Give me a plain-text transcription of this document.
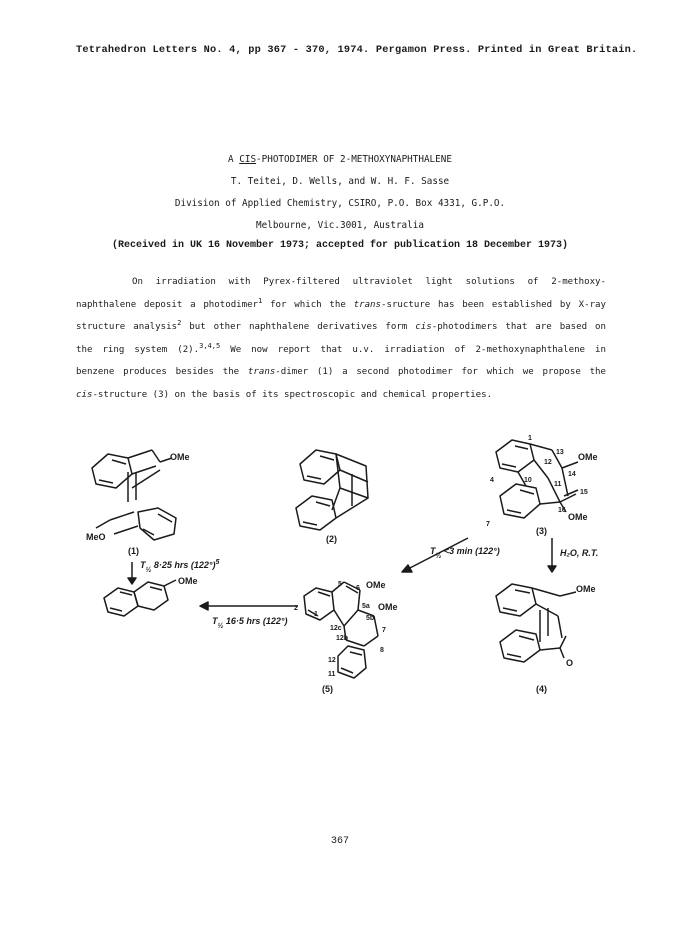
Tetrahedron Letters No. 4, pp 367 - 370, 1974. Pergamon Press. Printed in Great Britain.
A CIS-PHOTODIMER OF 2-METHOXYNAPHTHALENE
T. Teitei, D. Wells, and W. H. F. Sasse
Division of Applied Chemistry, CSIRO, P.O. Box 4331, G.P.O.
Melbourne, Vic.3001, Australia
(Received in UK 16 November 1973; accepted for publication 18 December 1973)
On irradiation with Pyrex-filtered ultraviolet light solutions of 2-methoxy-
naphthalene deposit a photodimer$^1$ for which the trans-sructure has been established by X-ray
structure analysis$^2$ but other naphthalene derivatives form cis-photodimers that are based on
the ring system (2).$^{3,4,5}$ We now report that u.v. irradiation of 2-methoxynaphthalene in
benzene produces besides the trans-dimer (1) a second photodimer for which we propose the
cis-structure (3) on the basis of its spectroscopic and chemical properties.
OMe
MeO
(1)
(2)
OMe
OMe
(3)
OMe	OMe
OMe
(5)
OMe
O
(4)
1
4
7
10
11
12
13
14
15
16
1
2
5
6
5a
5b
7
8
11
12
12b
12c
$T_{\frac{1}{2}}$ 8·25 hrs $(122^\circ)^5$
$T_{\frac{1}{2}} <3$ min (122°)	H₂O, R.T.
$T_{\frac{1}{2}}$ 16·5 hrs (122°)
367
